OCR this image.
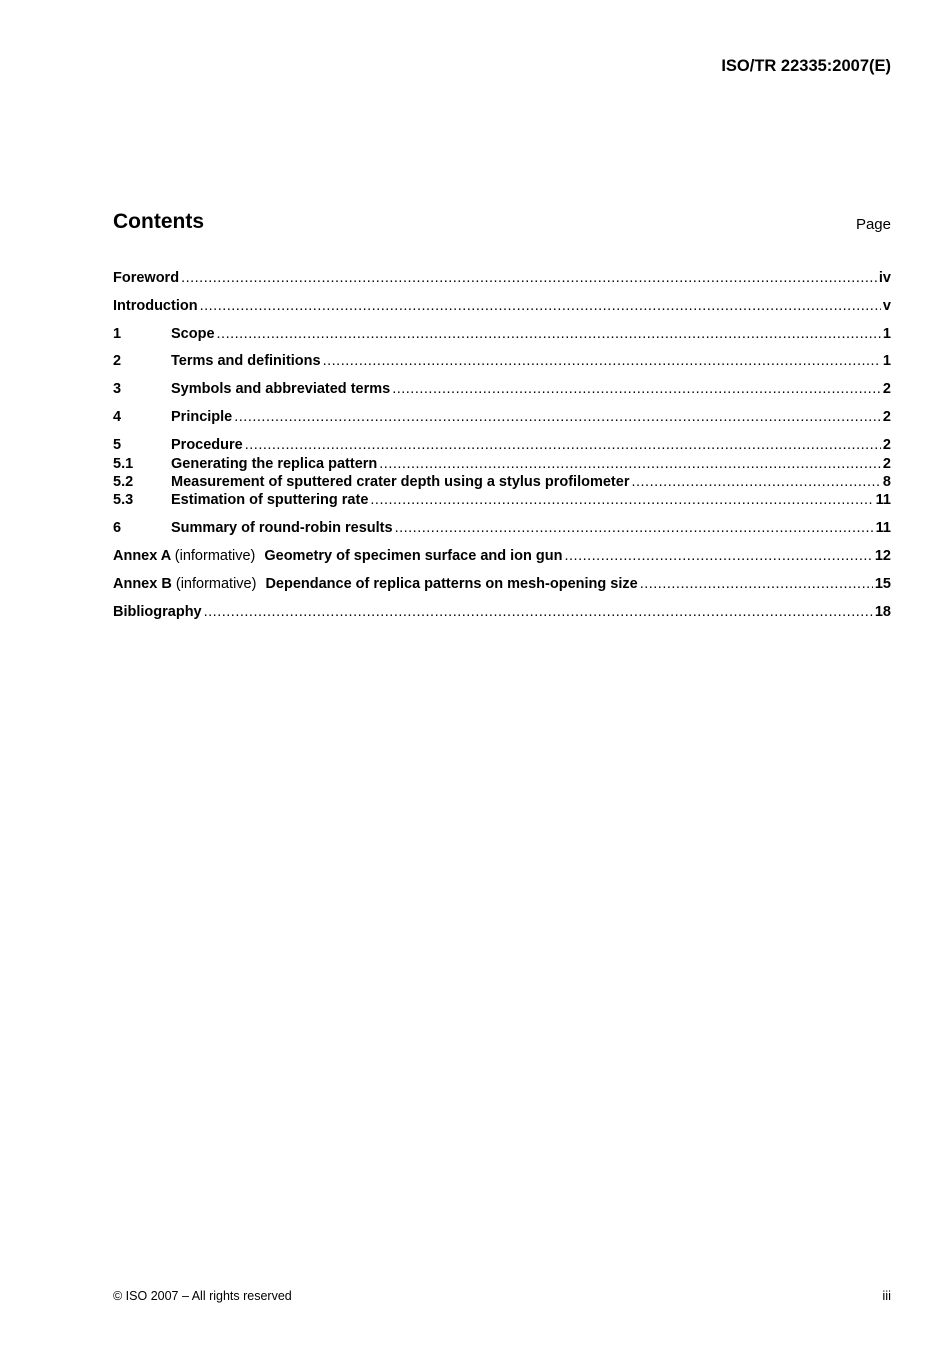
ISO/TR 22335:2007(E)
Contents	Page
Foreword .....	iv
Introduction .....	v
1	Scope .....	1
2	Terms and definitions .....	1
3	Symbols and abbreviated terms .....	2
4	Principle .....	2
5	Procedure .....	2
5.1	Generating the replica pattern .....	2
5.2	Measurement of sputtered crater depth using a stylus profilometer .....	8
5.3	Estimation of sputtering rate .....	11
6	Summary of round-robin results .....	11
Annex A (informative) Geometry of specimen surface and ion gun .....	12
Annex B (informative) Dependance of replica patterns on mesh-opening size .....	15
Bibliography .....	18
© ISO 2007 – All rights reserved	iii
